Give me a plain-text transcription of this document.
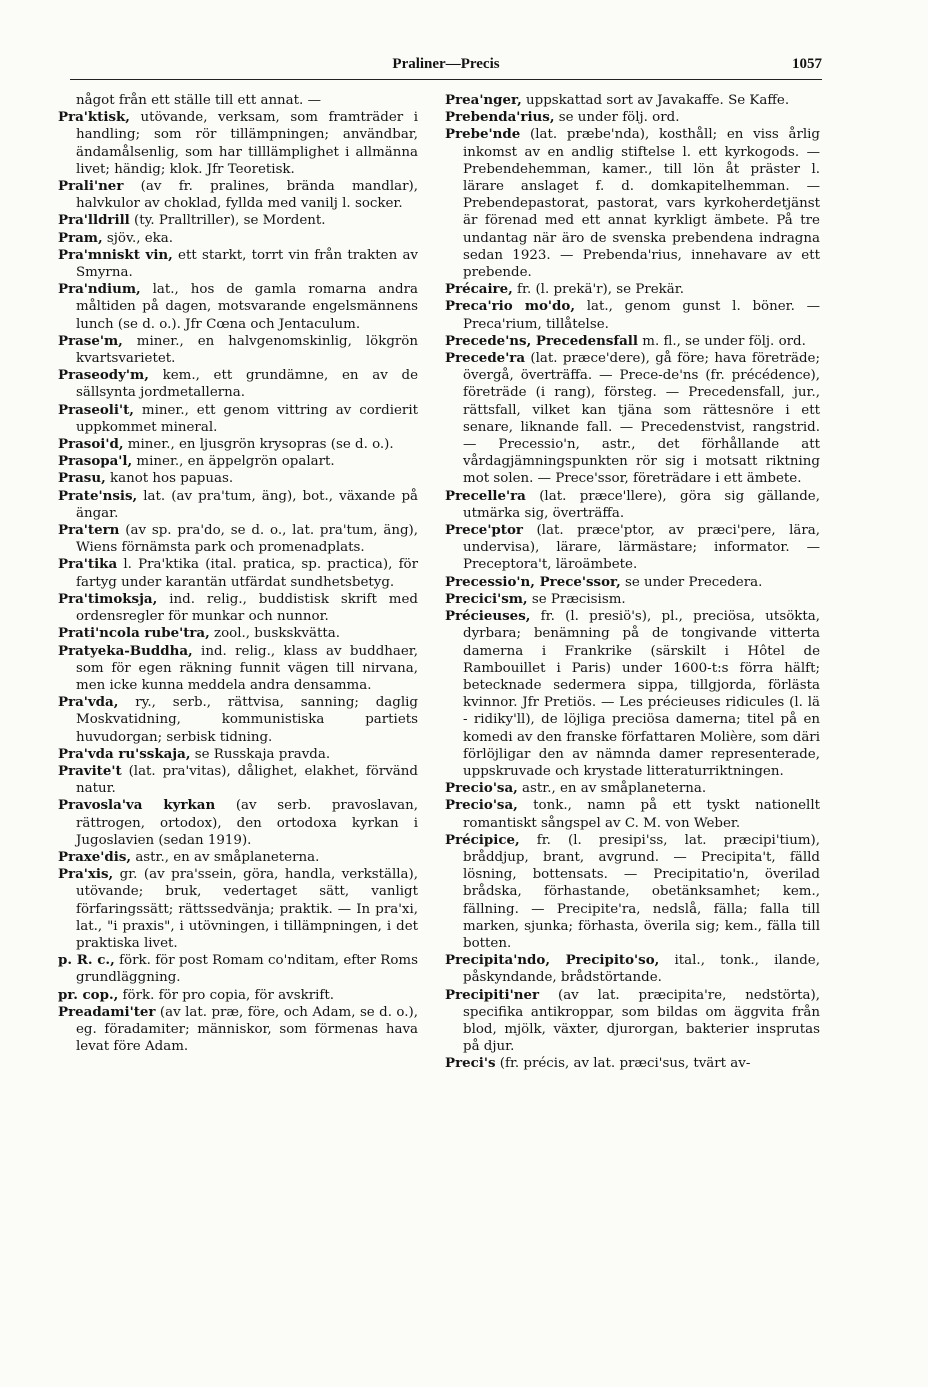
Praliner—Precis	1057
något från ett ställe till ett annat. —
Pra'ktisk, utövande, verksam, som framträder i handling; som rör tillämpningen; användbar, ändamålsenlig, som har tilllämplighet i allmänna livet; händig; klok. Jfr Teoretisk.
Prali'ner (av fr. pralines, brända mandlar), halvkulor av choklad, fyllda med vanilj l. socker.
Pra'lldrill (ty. Pralltriller), se Mordent.
Pram, sjöv., eka.
Pra'mniskt vin, ett starkt, torrt vin från trakten av Smyrna.
Pra'ndium, lat., hos de gamla romarna andra måltiden på dagen, motsvarande engelsmännens lunch (se d. o.). Jfr Cœna och Jentaculum.
Prase'm, miner., en halvgenomskinlig, lökgrön kvartsvarietet.
Praseody'm, kem., ett grundämne, en av de sällsynta jordmetallerna.
Praseoli't, miner., ett genom vittring av cordierit uppkommet mineral.
Prasoi'd, miner., en ljusgrön krysopras (se d. o.).
Prasopa'l, miner., en äppelgrön opalart.
Prasu, kanot hos papuas.
Prate'nsis, lat. (av pra'tum, äng), bot., växande på ängar.
Pra'tern (av sp. pra'do, se d. o., lat. pra'tum, äng), Wiens förnämsta park och promenadplats.
Pra'tika l. Pra'ktika (ital. pratica, sp. practica), för fartyg under karantän utfärdat sundhetsbetyg.
Pra'timoksja, ind. relig., buddistisk skrift med ordensregler för munkar och nunnor.
Prati'ncola rube'tra, zool., buskskvätta.
Pratyeka-Buddha, ind. relig., klass av buddhaer, som för egen räkning funnit vägen till nirvana, men icke kunna meddela andra densamma.
Pra'vda, ry., serb., rättvisa, sanning; daglig Moskvatidning, kommunistiska partiets huvudorgan; serbisk tidning.
Pra'vda ru'sskaja, se Russkaja pravda.
Pravite't (lat. pra'vitas), dålighet, elakhet, förvänd natur.
Pravosla'va kyrkan (av serb. pravoslavan, rättrogen, ortodox), den ortodoxa kyrkan i Jugoslavien (sedan 1919).
Praxe'dis, astr., en av småplaneterna.
Pra'xis, gr. (av pra'ssein, göra, handla, verkställa), utövande; bruk, vedertaget sätt, vanligt förfaringssätt; rättssedvänja; praktik. — In pra'xi, lat., "i praxis", i utövningen, i tillämpningen, i det praktiska livet.
p. R. c., förk. för post Romam co'nditam, efter Roms grundläggning.
pr. cop., förk. för pro copia, för avskrift.
Preadami'ter (av lat. præ, före, och Adam, se d. o.), eg. föradamiter; människor, som förmenas hava levat före Adam.
Prea'nger, uppskattad sort av Javakaffe. Se Kaffe.
Prebenda'rius, se under följ. ord.
Prebe'nde (lat. præbe'nda), kosthåll; en viss årlig inkomst av en andlig stiftelse l. ett kyrkogods. — Prebendehemman, kamer., till lön åt präster l. lärare anslaget f. d. domkapitelhemman. — Prebendepastorat, pastorat, vars kyrkoherdetjänst är förenad med ett annat kyrkligt ämbete. På tre undantag när äro de svenska prebendena indragna sedan 1923. — Prebenda'rius, innehavare av ett prebende.
Précaire, fr. (l. prekä'r), se Prekär.
Preca'rio mo'do, lat., genom gunst l. böner. — Preca'rium, tillåtelse.
Precede'ns, Precedensfall m. fl., se under följ. ord.
Precede'ra (lat. præce'dere), gå före; hava företräde; övergå, överträffa. — Prece-de'ns (fr. précédence), företräde (i rang), försteg. — Precedensfall, jur., rättsfall, vilket kan tjäna som rättesnöre i ett senare, liknande fall. — Precedenstvist, rangstrid. — Precessio'n, astr., det förhållande att vårdagjämningspunkten rör sig i motsatt riktning mot solen. — Prece'ssor, företrädare i ett ämbete.
Precelle'ra (lat. præce'llere), göra sig gällande, utmärka sig, överträffa.
Prece'ptor (lat. præce'ptor, av præci'pere, lära, undervisa), lärare, lärmästare; informator. — Preceptora't, läroämbete.
Precessio'n, Prece'ssor, se under Precedera.
Precici'sm, se Præcisism.
Précieuses, fr. (l. presiö's), pl., preciösa, utsökta, dyrbara; benämning på de tongivande vitterta damerna i Frankrike (särskilt i Hôtel de Rambouillet i Paris) under 1600-t:s förra hälft; betecknade sedermera sippa, tillgjorda, förlästa kvinnor. Jfr Pretiös. — Les précieuses ridicules (l. lä - ridiky'll), de löjliga preciösa damerna; titel på en komedi av den franske författaren Molière, som däri förlöjligar den av nämnda damer representerade, uppskruvade och krystade litteraturriktningen.
Precio'sa, astr., en av småplaneterna.
Precio'sa, tonk., namn på ett tyskt nationellt romantiskt sångspel av C. M. von Weber.
Précipice, fr. (l. presipi'ss, lat. præcipi'tium), bråddjup, brant, avgrund. — Precipita't, fälld lösning, bottensats. — Precipitatio'n, överilad brådska, förhastande, obetänksamhet; kem., fällning. — Precipite'ra, nedslå, fälla; falla till marken, sjunka; förhasta, överila sig; kem., fälla till botten.
Precipita'ndo, Precipito'so, ital., tonk., ilande, påskyndande, brådstörtande.
Precipiti'ner (av lat. præcipita're, nedstörta), specifika antikroppar, som bildas om äggvita från blod, mjölk, växter, djurorgan, bakterier insprutas på djur.
Preci's (fr. précis, av lat. præci'sus, tvärt av-
